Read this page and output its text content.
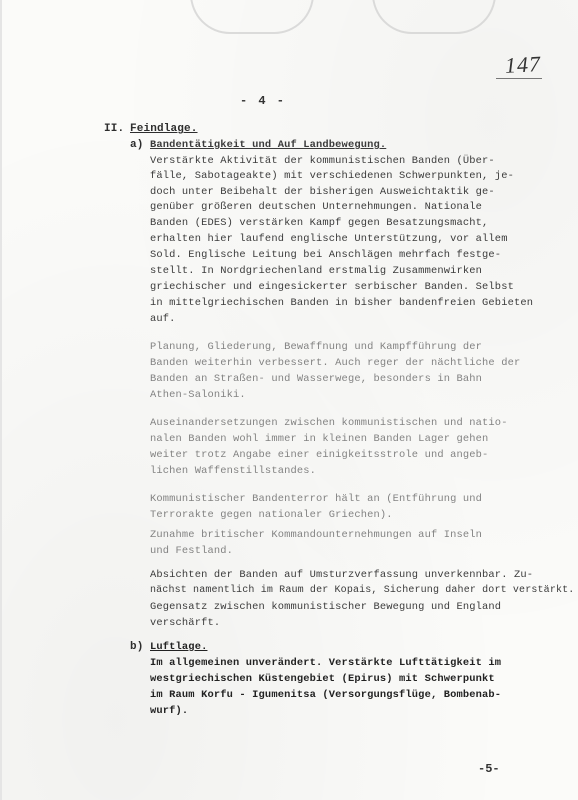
147
- 4 -
II. Feindlage.
a) Bandentätigkeit und Auf Landbewegung.
Verstärkte Aktivität der kommunistischen Banden (Über-
fälle, Sabotageakte) mit verschiedenen Schwerpunkten, je-
doch unter Beibehalt der bisherigen Ausweichtaktik ge-
genüber größeren deutschen Unternehmungen. Nationale
Banden (EDES) verstärken Kampf gegen Besatzungsmacht,
erhalten hier laufend englische Unterstützung, vor allem
Sold. Englische Leitung bei Anschlägen mehrfach festge-
stellt. In Nordgriechenland erstmalig Zusammenwirken
griechischer und eingesickerter serbischer Banden. Selbst
in mittelgriechischen Banden in bisher bandenfreien Gebieten
auf.
Planung, Gliederung, Bewaffnung und Kampfführung der
Banden weiterhin verbessert. Auch reger der nächtliche der
Banden an Straßen- und Wasserwege, besonders in Bahn
Athen-Saloniki.
Auseinandersetzungen zwischen kommunistischen und natio-
nalen Banden wohl immer in kleinen Banden Lager gehen
weiter trotz Angabe einer einigkeitsstrole und angeb-
lichen Waffenstillstandes.
Kommunistischer Bandenterror hält an (Entführung und
Terrorakte gegen nationaler Griechen).
Zunahme britischer Kommandounternehmungen auf Inseln
und Festland.
Absichten der Banden auf Umsturzverfassung unverkennbar. Zu-
nächst namentlich im Raum der Kopais, Sicherung daher dort verstärkt.
Gegensatz zwischen kommunistischer Bewegung und England
verschärft.
b) Luftlage.
Im allgemeinen unverändert. Verstärkte Lufttätigkeit im
westgriechischen Küstengebiet (Epirus) mit Schwerpunkt
im Raum Korfu - Igumenitsa (Versorgungsflüge, Bombenab-
wurf).
-5-
